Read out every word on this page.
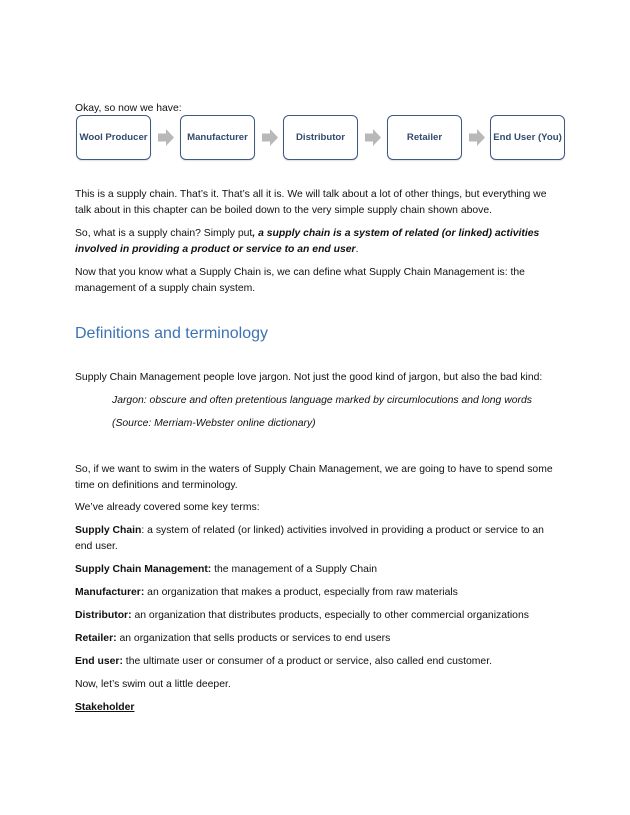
Okay, so now we have:
Wool Producer	Manufacturer	Distributor	Retailer	End User (You)
This is a supply chain. That’s it. That’s all it is. We will talk about a lot of other things, but everything we talk about in this chapter can be boiled down to the very simple supply chain shown above.
So, what is a supply chain? Simply put, a supply chain is a system of related (or linked) activities involved in providing a product or service to an end user.
Now that you know what a Supply Chain is, we can define what Supply Chain Management is: the management of a supply chain system.
Definitions and terminology
Supply Chain Management people love jargon. Not just the good kind of jargon, but also the bad kind:
Jargon: obscure and often pretentious language marked by circumlocutions and long words
(Source: Merriam-Webster online dictionary)
So, if we want to swim in the waters of Supply Chain Management, we are going to have to spend some time on definitions and terminology.
We’ve already covered some key terms:
Supply Chain: a system of related (or linked) activities involved in providing a product or service to an end user.
Supply Chain Management: the management of a Supply Chain
Manufacturer: an organization that makes a product, especially from raw materials
Distributor: an organization that distributes products, especially to other commercial organizations
Retailer: an organization that sells products or services to end users
End user: the ultimate user or consumer of a product or service, also called end customer.
Now, let’s swim out a little deeper.
Stakeholder
